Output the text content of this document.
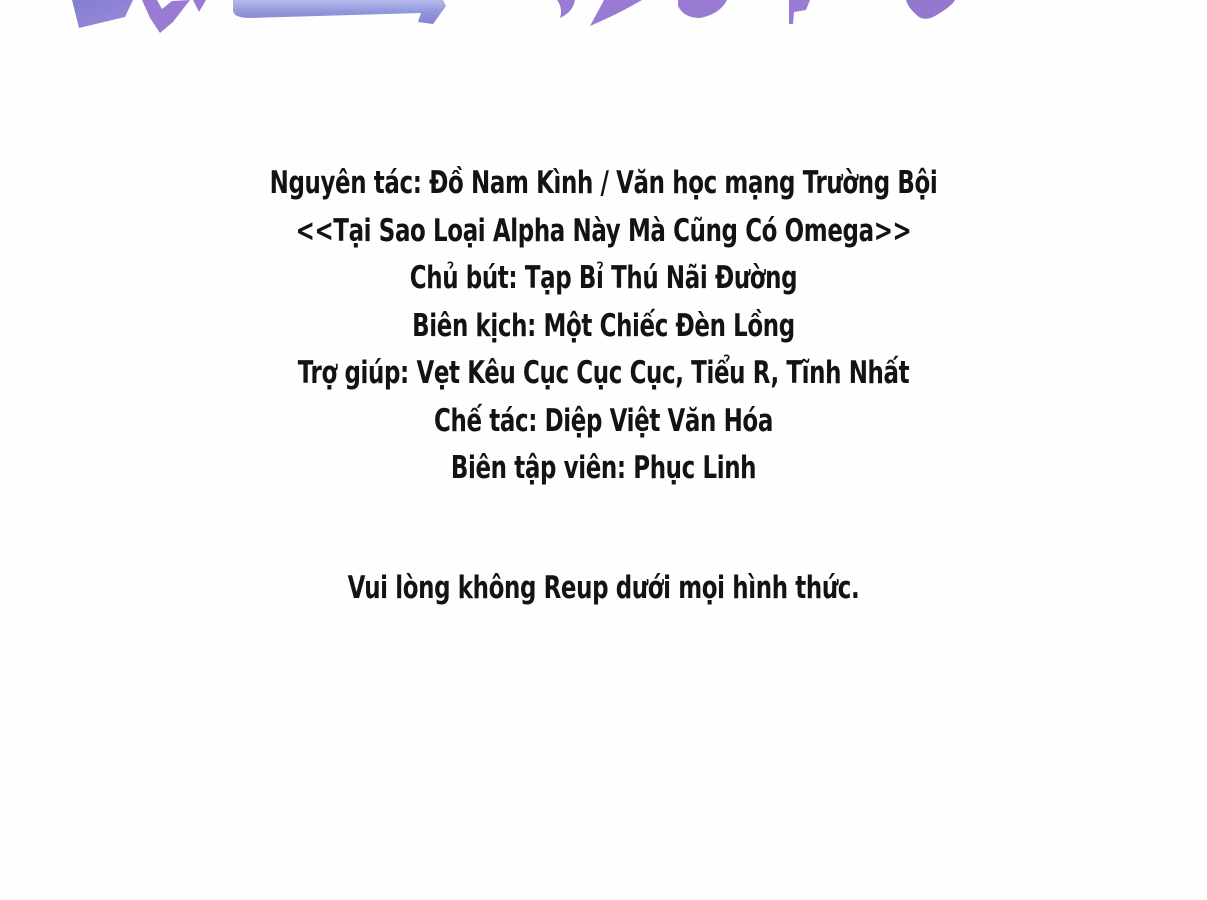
Nguyên tác: Đồ Nam Kình / Văn học mạng Trường Bội
<<Tại Sao Loại Alpha Này Mà Cũng Có Omega>>
Chủ bút: Tạp Bỉ Thú Nãi Đường
Biên kịch: Một Chiếc Đèn Lồng
Trợ giúp: Vẹt Kêu Cục Cục Cục, Tiểu R, Tĩnh Nhất
Chế tác: Diệp Việt Văn Hóa
Biên tập viên: Phục Linh
Vui lòng không Reup dưới mọi hình thức.
